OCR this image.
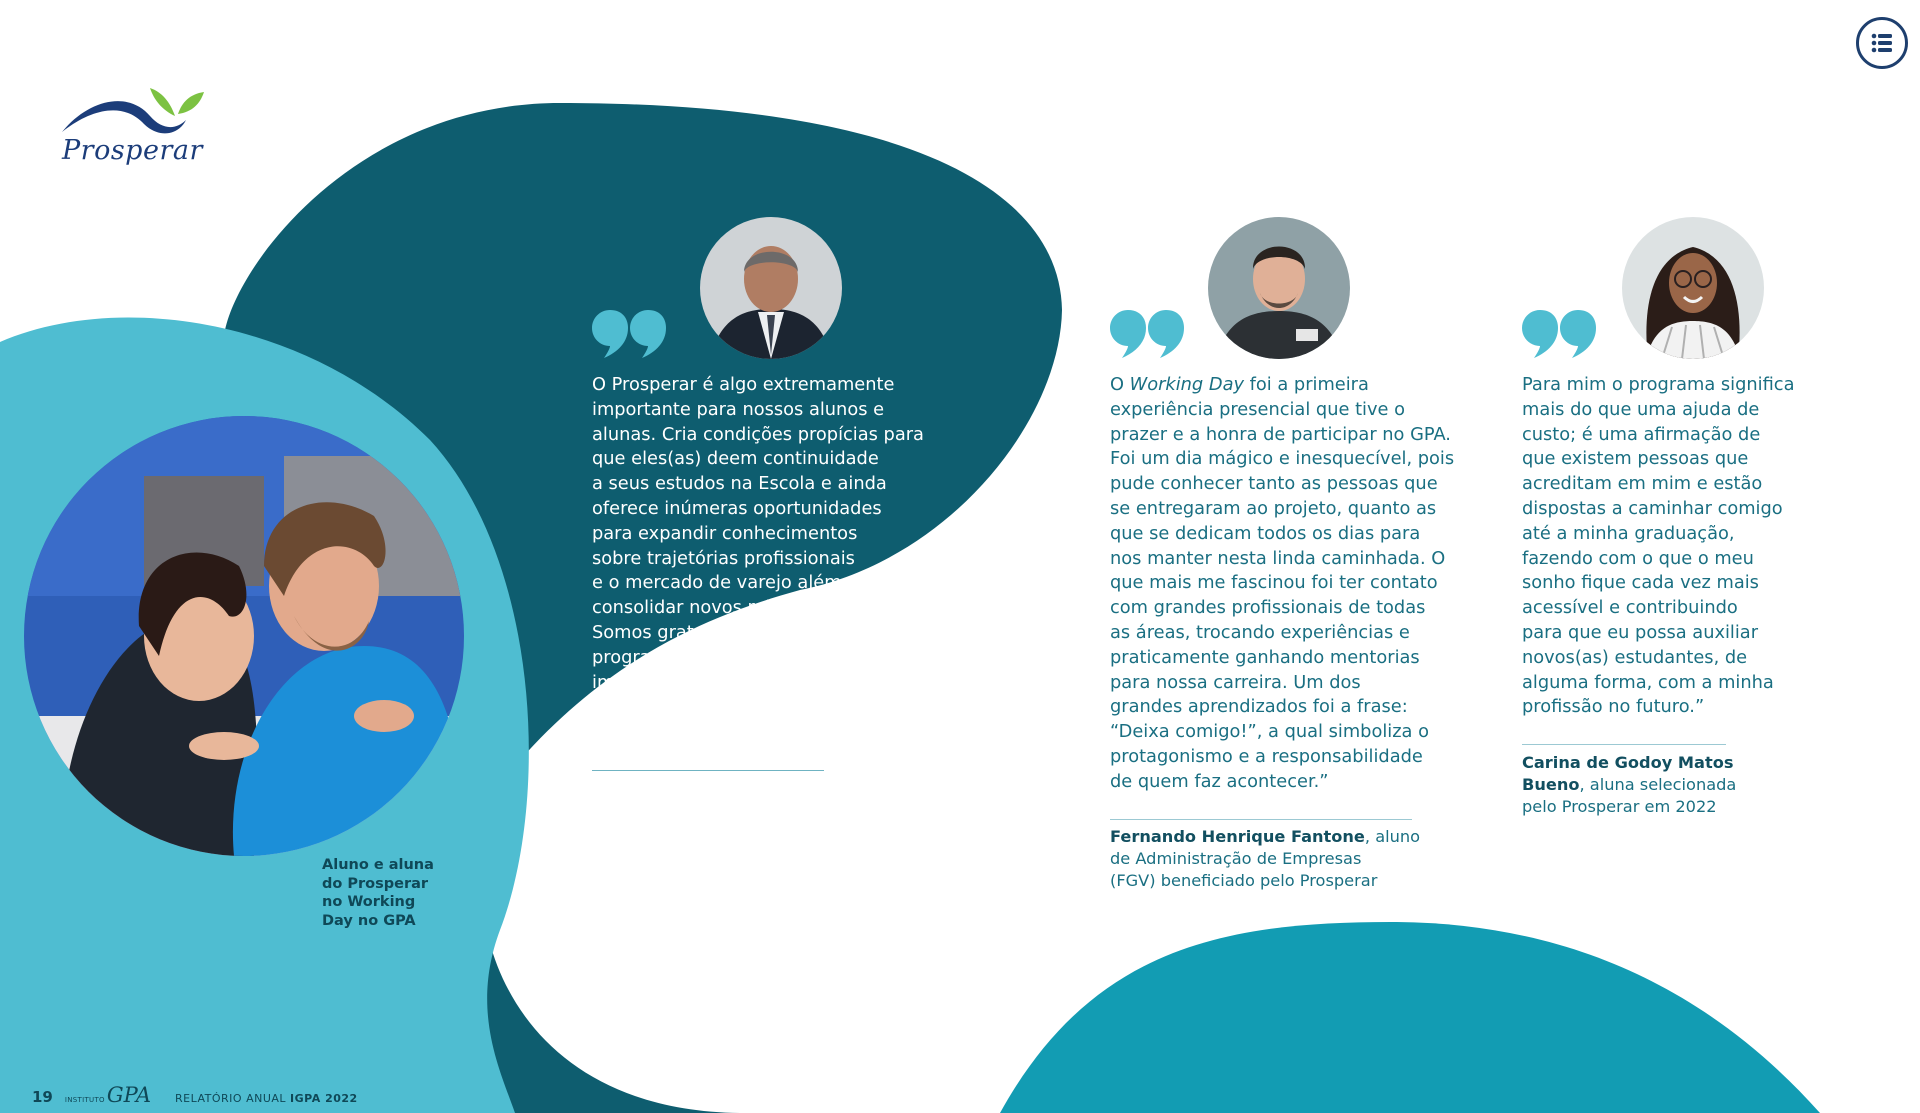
Prosperar
Aluno e aluna
do Prosperar
no Working
Day no GPA
O Prosperar é algo extremamente
importante para nossos alunos e
alunas. Cria condições propícias para
que eles(as) deem continuidade
a seus estudos na Escola e ainda
oferece inúmeras oportunidades
para expandir conhecimentos
sobre trajetórias profissionais
e o mercado de varejo além de
consolidar novos relacionamentos.
Somos gratos ao apoio dado pelo
programa, pois acompanhamos o
impacto extremamente positivo
que ele tem na vida dessas pessoas
– ele faz toda a diferença!”
Renato Guimarães Ferreira,
coordenador do curso de graduação
em Administração de Empresas,
FGV/EAESP
O Working Day foi a primeira
experiência presencial que tive o
prazer e a honra de participar no GPA.
Foi um dia mágico e inesquecível, pois
pude conhecer tanto as pessoas que
se entregaram ao projeto, quanto as
que se dedicam todos os dias para
nos manter nesta linda caminhada. O
que mais me fascinou foi ter contato
com grandes profissionais de todas
as áreas, trocando experiências e
praticamente ganhando mentorias
para nossa carreira. Um dos
grandes aprendizados foi a frase:
“Deixa comigo!”, a qual simboliza o
protagonismo e a responsabilidade
de quem faz acontecer.”
Fernando Henrique Fantone, aluno
de Administração de Empresas
(FGV) beneficiado pelo Prosperar
Para mim o programa significa
mais do que uma ajuda de
custo; é uma afirmação de
que existem pessoas que
acreditam em mim e estão
dispostas a caminhar comigo
até a minha graduação,
fazendo com o que o meu
sonho fique cada vez mais
acessível e contribuindo
para que eu possa auxiliar
novos(as) estudantes, de
alguma forma, com a minha
profissão no futuro.”
Carina de Godoy Matos
Bueno, aluna selecionada
pelo Prosperar em 2022
19 INSTITUTO GPA RELATÓRIO ANUAL IGPA 2022
